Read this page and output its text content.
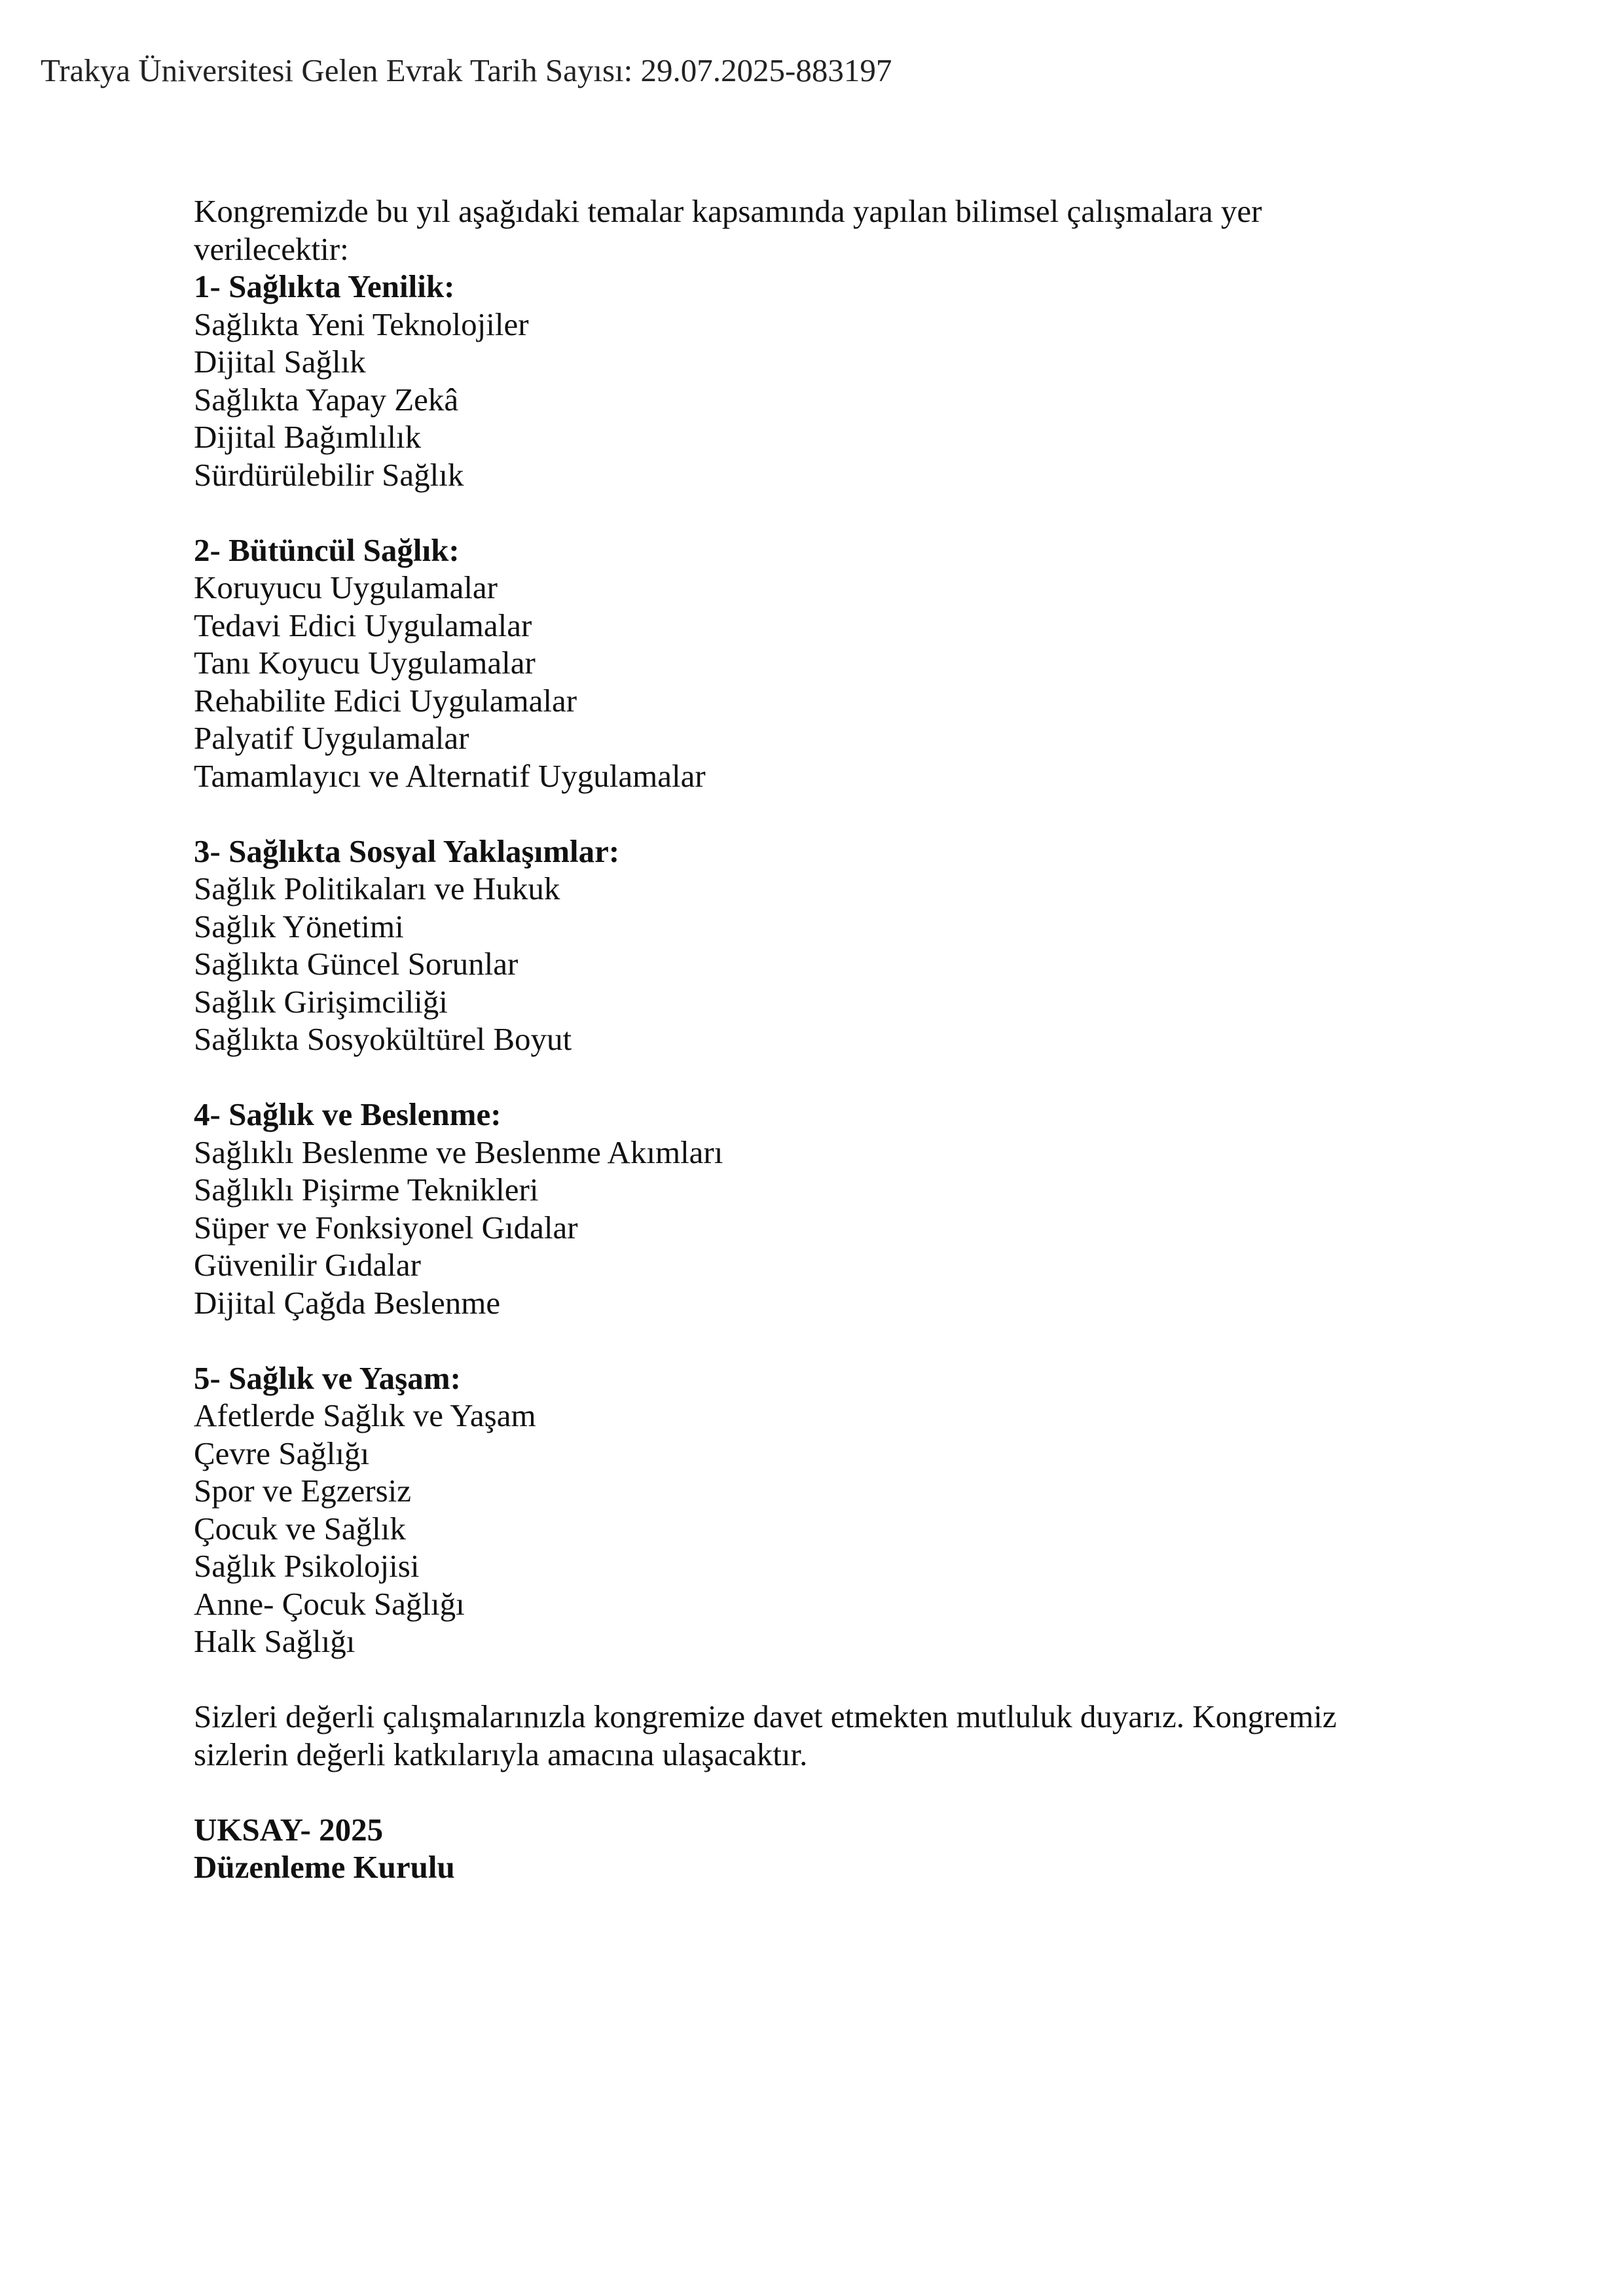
Trakya Üniversitesi Gelen Evrak Tarih Sayısı: 29.07.2025-883197
Kongremizde bu yıl aşağıdaki temalar kapsamında yapılan bilimsel çalışmalara yer
verilecektir:
1- Sağlıkta Yenilik:
Sağlıkta Yeni Teknolojiler
Dijital Sağlık
Sağlıkta Yapay Zekâ
Dijital Bağımlılık
Sürdürülebilir Sağlık
2- Bütüncül Sağlık:
Koruyucu Uygulamalar
Tedavi Edici Uygulamalar
Tanı Koyucu Uygulamalar
Rehabilite Edici Uygulamalar
Palyatif Uygulamalar
Tamamlayıcı ve Alternatif Uygulamalar
3- Sağlıkta Sosyal Yaklaşımlar:
Sağlık Politikaları ve Hukuk
Sağlık Yönetimi
Sağlıkta Güncel Sorunlar
Sağlık Girişimciliği
Sağlıkta Sosyokültürel Boyut
4- Sağlık ve Beslenme:
Sağlıklı Beslenme ve Beslenme Akımları
Sağlıklı Pişirme Teknikleri
Süper ve Fonksiyonel Gıdalar
Güvenilir Gıdalar
Dijital Çağda Beslenme
5- Sağlık ve Yaşam:
Afetlerde Sağlık ve Yaşam
Çevre Sağlığı
Spor ve Egzersiz
Çocuk ve Sağlık
Sağlık Psikolojisi
Anne- Çocuk Sağlığı
Halk Sağlığı
Sizleri değerli çalışmalarınızla kongremize davet etmekten mutluluk duyarız. Kongremiz
sizlerin değerli katkılarıyla amacına ulaşacaktır.
UKSAY- 2025
Düzenleme Kurulu
